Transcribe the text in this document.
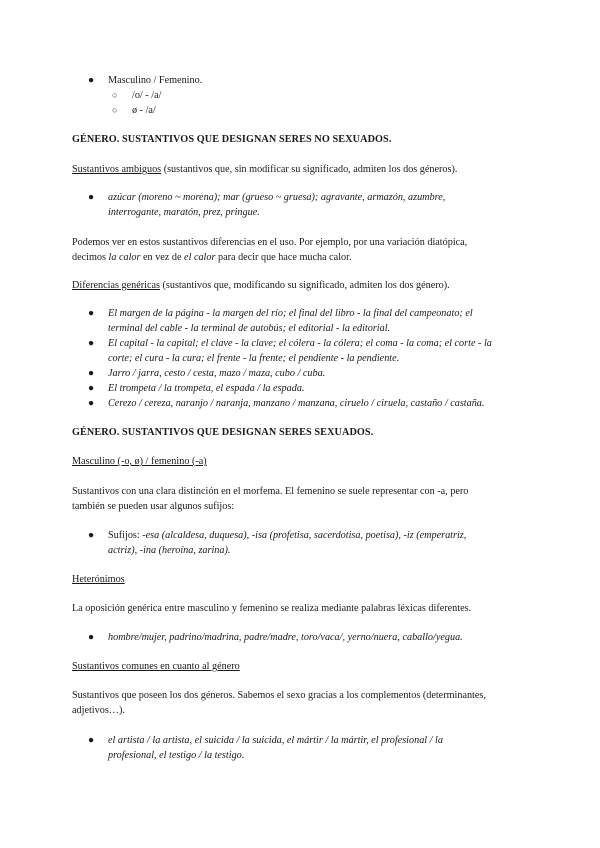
● Masculino / Femenino.
○ /o/ - /a/
○ ø - /a/
GÉNERO. SUSTANTIVOS QUE DESIGNAN SERES NO SEXUADOS.
Sustantivos ambiguos (sustantivos que, sin modificar su significado, admiten los dos géneros).
● azúcar (moreno ~ morena); mar (grueso ~ gruesa); agravante, armazón, azumbre,
interrogante, maratón, prez, pringue.
Podemos ver en estos sustantivos diferencias en el uso. Por ejemplo, por una variación diatópica,
decimos la calor en vez de el calor para decir que hace mucha calor.
Diferencias genéricas (sustantivos que, modificando su significado, admiten los dos género).
● El margen de la página - la margen del río; el final del libro - la final del campeonato; el
terminal del cable - la terminal de autobús; el editorial - la editorial.
● El capital - la capital; el clave - la clave; el cólera - la cólera; el coma - la coma; el corte - la
corte; el cura - la cura; el frente - la frente; el pendiente - la pendiente.
● Jarro / jarra, cesto / cesta, mazo / maza, cubo / cuba.
● El trompeta / la trompeta, el espada / la espada.
● Cerezo / cereza, naranjo / naranja, manzano / manzana, ciruelo / ciruela, castaño / castaña.
GÉNERO. SUSTANTIVOS QUE DESIGNAN SERES SEXUADOS.
Masculino (-o, ø) / femenino (-a)
Sustantivos con una clara distinción en el morfema. El femenino se suele representar con -a, pero
también se pueden usar algunos sufijos:
● Sufijos: -esa (alcaldesa, duquesa), -isa (profetisa, sacerdotisa, poetisa), -iz (emperatriz,
actriz), -ina (heroína, zarina).
Heterónimos
La oposición genérica entre masculino y femenino se realiza mediante palabras léxicas diferentes.
● hombre/mujer, padrino/madrina, padre/madre, toro/vaca/, yerno/nuera, caballo/yegua.
Sustantivos comunes en cuanto al género
Sustantivos que poseen los dos géneros. Sabemos el sexo gracias a los complementos (determinantes,
adjetivos…).
● el artista / la artista, el suicida / la suicida, el mártir / la mártir, el profesional / la
profesional, el testigo / la testigo.
